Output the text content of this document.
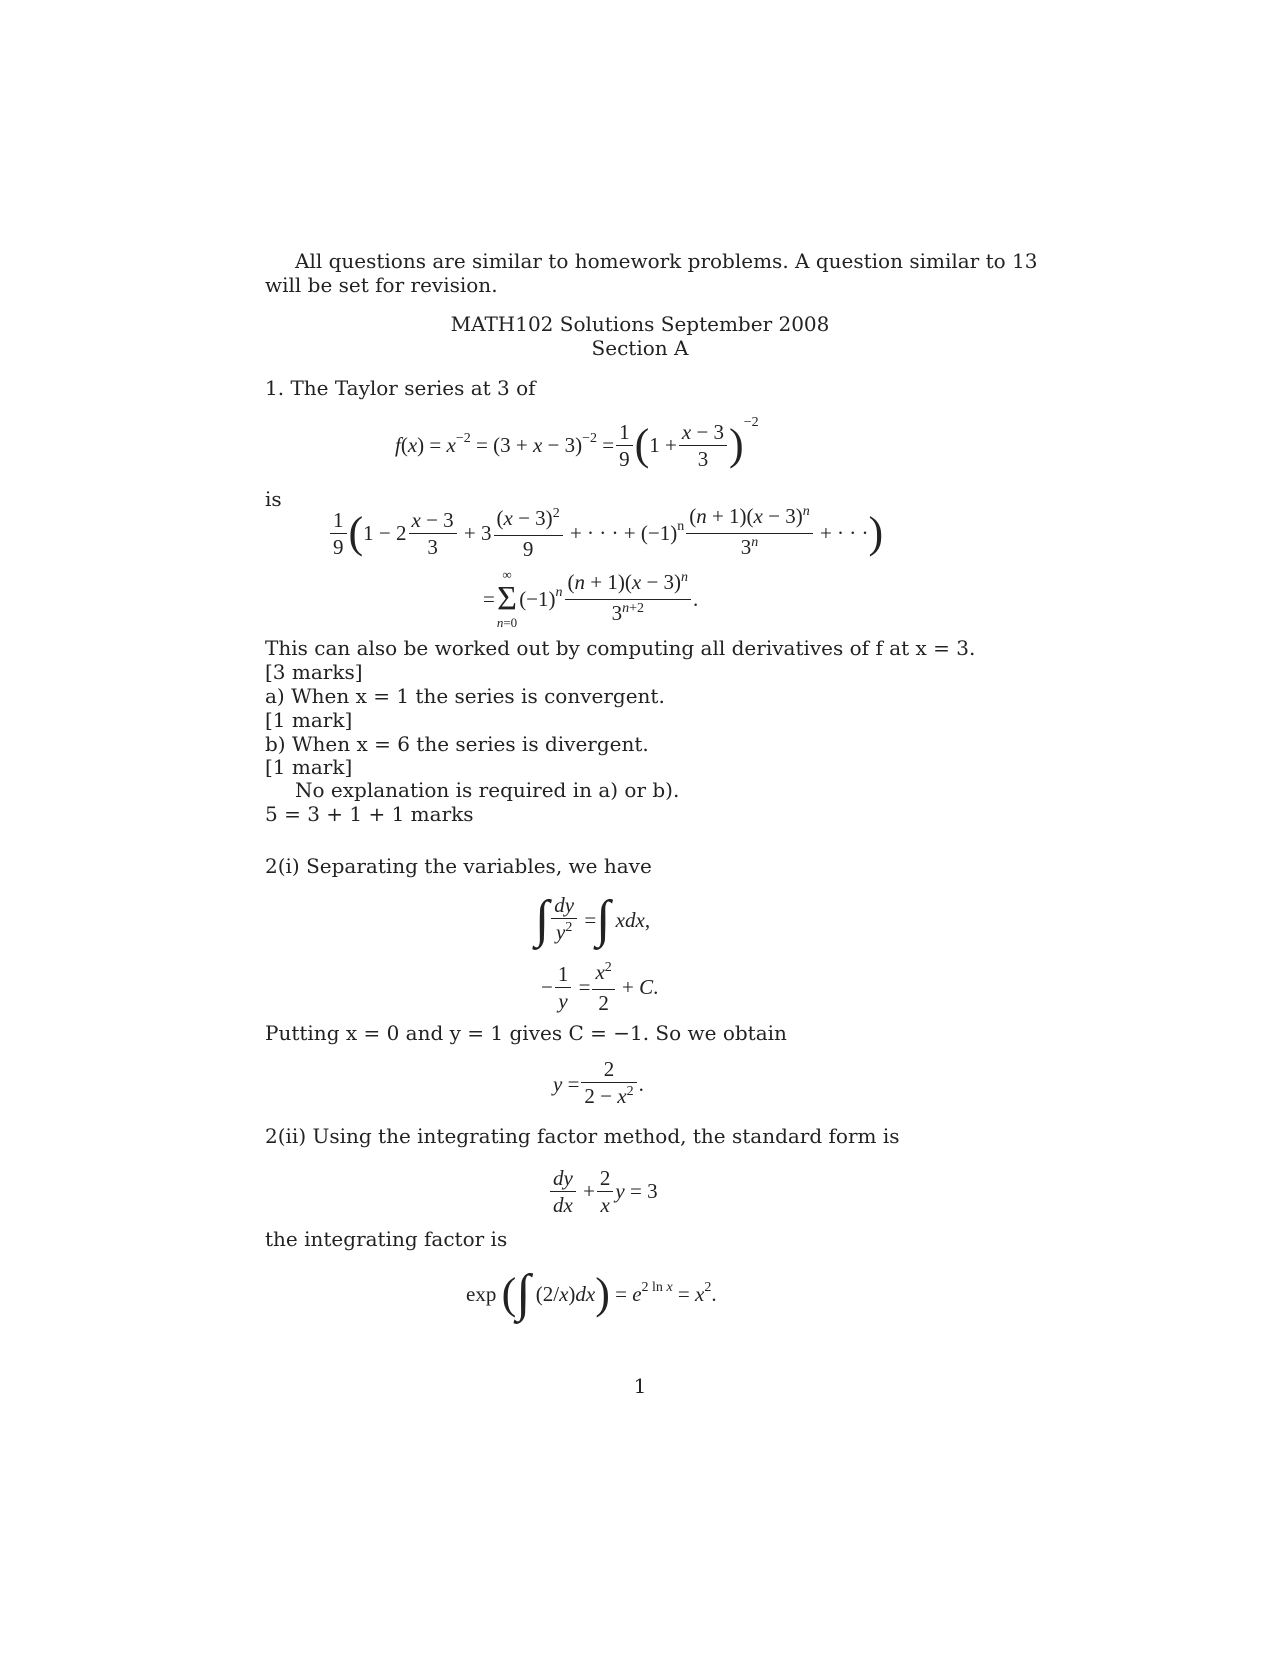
All questions are similar to homework problems. A question similar to 13
will be set for revision.
MATH102 Solutions September 2008
Section A
1. The Taylor series at 3 of
$f(x) = x^{-2} = (3 + x - 3)^{-2} = \frac{1}{9}$ ( $1 + \frac{x - 3}{3}$ ) −2
is
$\frac{1}{9}$ ( $1 - 2 \frac{x - 3}{3} + 3 \frac{(x - 3)^2}{9}$ + · · · + $(-1)^n \frac{(n + 1)(x - 3)^n}{3^n}$ + · · · )
=
∞
Σ
n=0
$(-1)^n \frac{(n + 1)(x - 3)^n}{3^{n+2}}$ .
This can also be worked out by computing all derivatives of f at x = 3.
[3 marks]
a) When x = 1 the series is convergent.
[1 mark]
b) When x = 6 the series is divergent.
[1 mark]
No explanation is required in a) or b).
5 = 3 + 1 + 1 marks
2(i) Separating the variables, we have
∫ $\frac{dy}{y^2}$ = ∫ xdx,
− $\frac{1}{y} = \frac{x^2}{2} + C$.
Putting x = 0 and y = 1 gives C = −1. So we obtain
$y = \frac{2}{2 - x^2}$ .
2(ii) Using the integrating factor method, the standard form is
$\frac{dy}{dx} + \frac{2}{x}$ y = 3
the integrating factor is
exp ( ∫ (2/x)dx ) = $e^{2 ln x} = x^2$.
1
